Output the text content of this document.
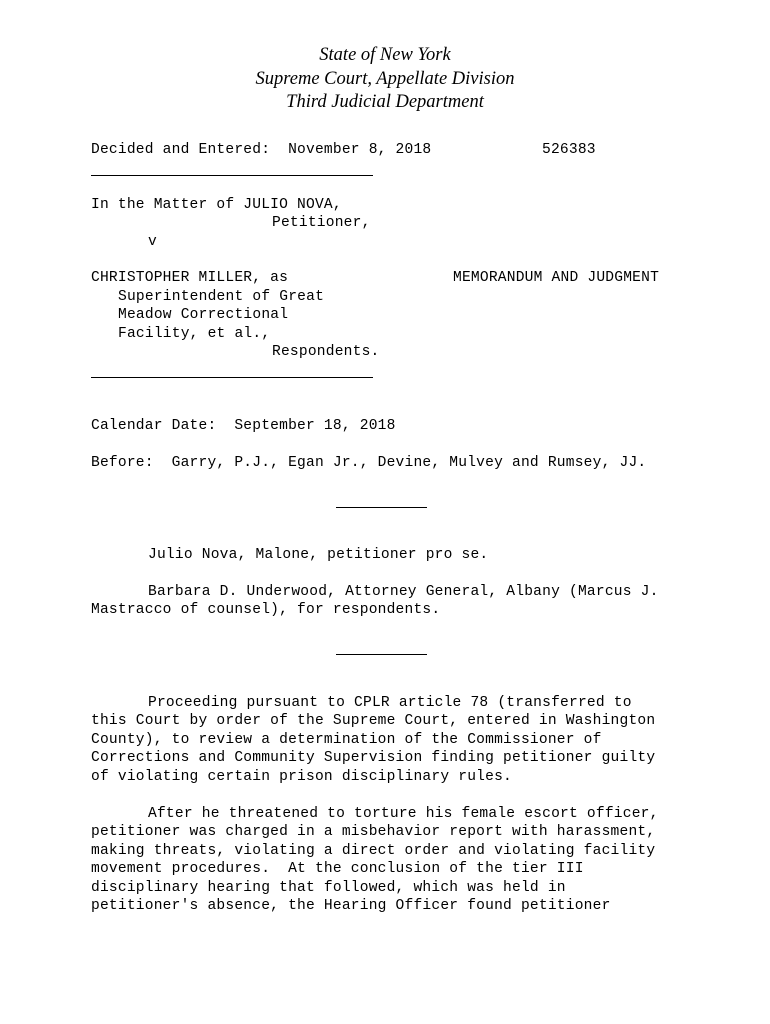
State of New York
Supreme Court, Appellate Division
Third Judicial Department
Decided and Entered:  November 8, 2018	526383
In the Matter of JULIO NOVA,
Petitioner,
v
CHRISTOPHER MILLER, as	MEMORANDUM AND JUDGMENT
Superintendent of Great
Meadow Correctional
Facility, et al.,
Respondents.
Calendar Date:  September 18, 2018
Before:  Garry, P.J., Egan Jr., Devine, Mulvey and Rumsey, JJ.
Julio Nova, Malone, petitioner pro se.
Barbara D. Underwood, Attorney General, Albany (Marcus J.
Mastracco of counsel), for respondents.
Proceeding pursuant to CPLR article 78 (transferred to
this Court by order of the Supreme Court, entered in Washington
County), to review a determination of the Commissioner of
Corrections and Community Supervision finding petitioner guilty
of violating certain prison disciplinary rules.
After he threatened to torture his female escort officer,
petitioner was charged in a misbehavior report with harassment,
making threats, violating a direct order and violating facility
movement procedures.  At the conclusion of the tier III
disciplinary hearing that followed, which was held in
petitioner's absence, the Hearing Officer found petitioner
